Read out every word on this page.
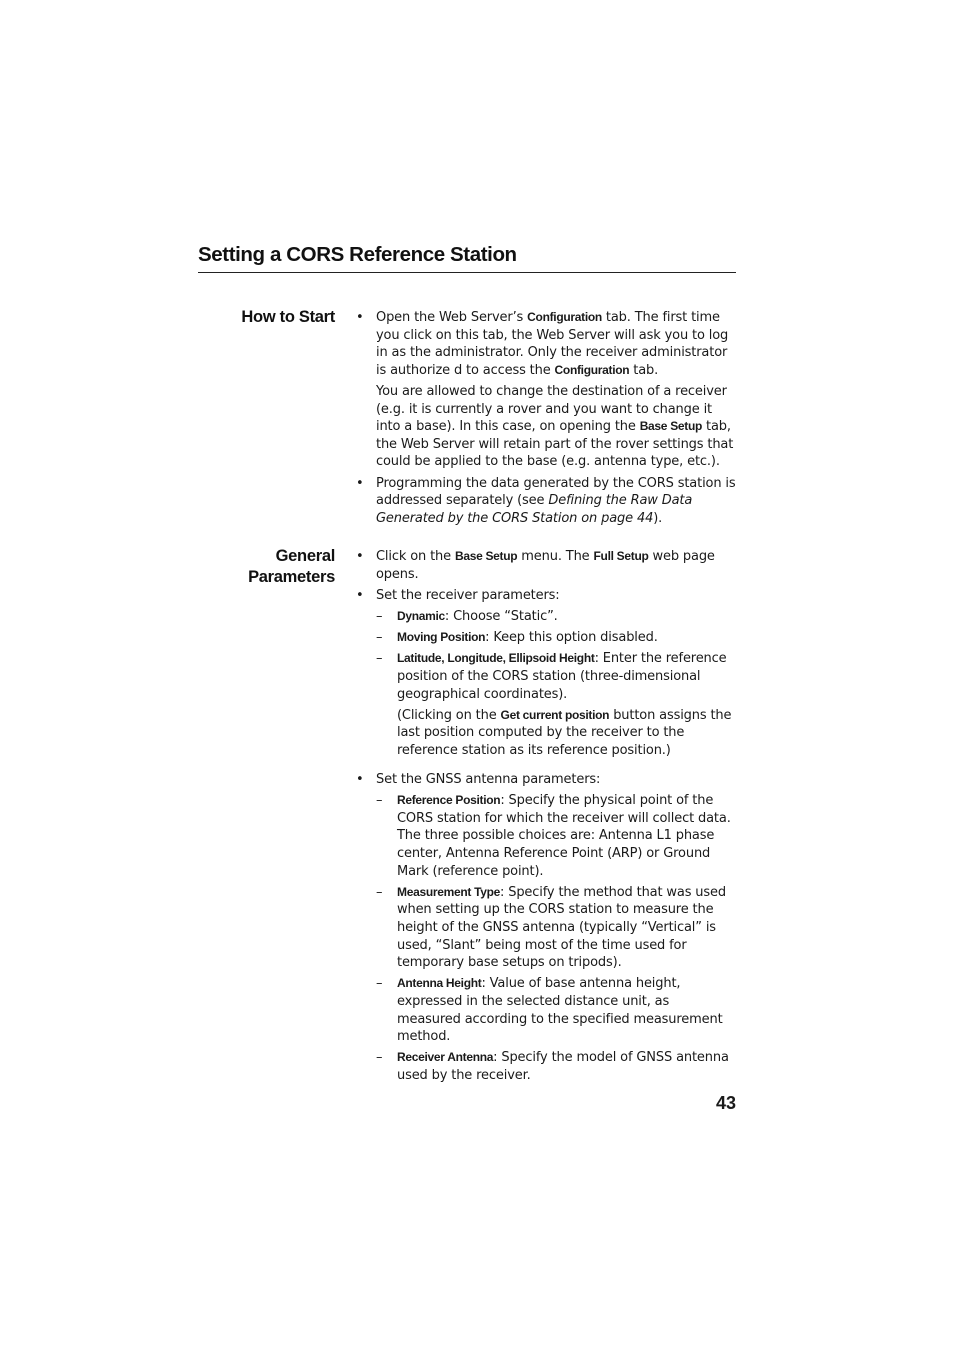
Setting a CORS Reference Station
How to Start • Open the Web Server’s Configuration tab. The first time you click on this tab, the Web Server will ask you to log in as the administrator. Only the receiver administrator is authorize d to access the Configuration tab.
You are allowed to change the destination of a receiver (e.g. it is currently a rover and you want to change it into a base). In this case, on opening the Base Setup tab, the Web Server will retain part of the rover settings that could be applied to the base (e.g. antenna type, etc.).
• Programming the data generated by the CORS station is addressed separately (see Defining the Raw Data Generated by the CORS Station on page 44).
General
Parameters
• Click on the Base Setup menu. The Full Setup web page opens.
• Set the receiver parameters:
– Dynamic: Choose “Static”.
– Moving Position: Keep this option disabled.
– Latitude, Longitude, Ellipsoid Height: Enter the reference position of the CORS station (three-dimensional geographical coordinates).
(Clicking on the Get current position button assigns the last position computed by the receiver to the reference station as its reference position.)
• Set the GNSS antenna parameters:
– Reference Position: Specify the physical point of the CORS station for which the receiver will collect data. The three possible choices are: Antenna L1 phase center, Antenna Reference Point (ARP) or Ground Mark (reference point).
– Measurement Type: Specify the method that was used when setting up the CORS station to measure the height of the GNSS antenna (typically “Vertical” is used, “Slant” being most of the time used for temporary base setups on tripods).
– Antenna Height: Value of base antenna height, expressed in the selected distance unit, as measured according to the specified measurement method.
– Receiver Antenna: Specify the model of GNSS antenna used by the receiver.
43
